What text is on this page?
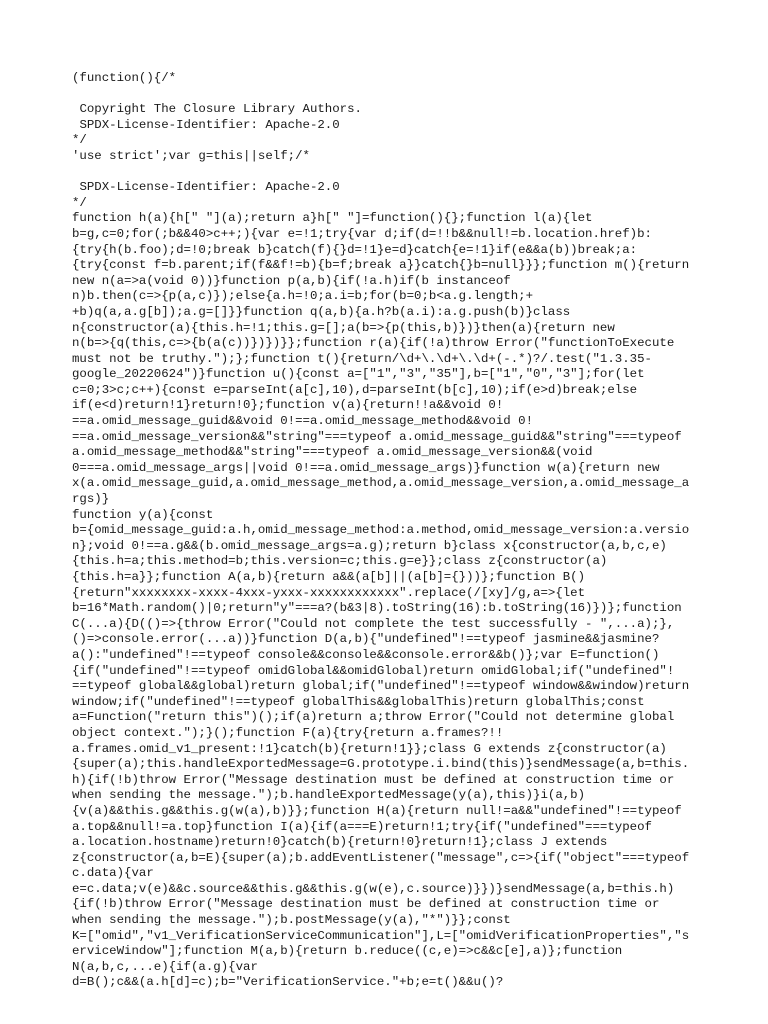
(function(){/*

Copyright The Closure Library Authors.
SPDX-License-Identifier: Apache-2.0
*/
'use strict';var g=this||self;/*

SPDX-License-Identifier: Apache-2.0
*/
function h(a){h[" "](a);return a}h[" "]=function(){};function l(a){let
b=g,c=0;for(;b&&40>c++;){var e=!1;try{var d;if(d=!!b&&null!=b.location.href)b:
{try{h(b.foo);d=!0;break b}catch(f){}d=!1}e=d}catch{e=!1}if(e&&a(b))break;a:
{try{const f=b.parent;if(f&&f!=b){b=f;break a}}catch{}b=null}}};function m(){return
new n(a=>a(void 0))}function p(a,b){if(!a.h)if(b instanceof
n)b.then(c=>{p(a,c)});else{a.h=!0;a.i=b;for(b=0;b<a.g.length;+
+b)q(a,a.g[b]);a.g=[]}}function q(a,b){a.h?b(a.i):a.g.push(b)}class
n{constructor(a){this.h=!1;this.g=[];a(b=>{p(this,b)})}then(a){return new
n(b=>{q(this,c=>{b(a(c))})})}};function r(a){if(!a)throw Error("functionToExecute
must not be truthy.");};function t(){return/\d+\.\d+\.\d+(-.*)?/.test("1.3.35-
google_20220624")}function u(){const a=["1","3","35"],b=["1","0","3"];for(let
c=0;3>c;c++){const e=parseInt(a[c],10),d=parseInt(b[c],10);if(e>d)break;else
if(e<d)return!1}return!0};function v(a){return!!a&&void 0!
==a.omid_message_guid&&void 0!==a.omid_message_method&&void 0!
==a.omid_message_version&&"string"===typeof a.omid_message_guid&&"string"===typeof
a.omid_message_method&&"string"===typeof a.omid_message_version&&(void
0===a.omid_message_args||void 0!==a.omid_message_args)}function w(a){return new
x(a.omid_message_guid,a.omid_message_method,a.omid_message_version,a.omid_message_a
rgs)}
function y(a){const
b={omid_message_guid:a.h,omid_message_method:a.method,omid_message_version:a.versio
n};void 0!==a.g&&(b.omid_message_args=a.g);return b}class x{constructor(a,b,c,e)
{this.h=a;this.method=b;this.version=c;this.g=e}};class z{constructor(a)
{this.h=a}};function A(a,b){return a&&(a[b]||(a[b]={}))};function B()
{return"xxxxxxxx-xxxx-4xxx-yxxx-xxxxxxxxxxxx".replace(/[xy]/g,a=>{let
b=16*Math.random()|0;return"y"===a?(b&3|8).toString(16):b.toString(16)})};function
C(...a){D(()=>{throw Error("Could not complete the test successfully - ",...a);},
()=>console.error(...a))}function D(a,b){"undefined"!==typeof jasmine&&jasmine?
a():"undefined"!==typeof console&&console&&console.error&&b()};var E=function()
{if("undefined"!==typeof omidGlobal&&omidGlobal)return omidGlobal;if("undefined"!
==typeof global&&global)return global;if("undefined"!==typeof window&&window)return
window;if("undefined"!==typeof globalThis&&globalThis)return globalThis;const
a=Function("return this")();if(a)return a;throw Error("Could not determine global
object context.");}();function F(a){try{return a.frames?!!
a.frames.omid_v1_present:!1}catch(b){return!1}};class G extends z{constructor(a)
{super(a);this.handleExportedMessage=G.prototype.i.bind(this)}sendMessage(a,b=this.
h){if(!b)throw Error("Message destination must be defined at construction time or
when sending the message.");b.handleExportedMessage(y(a),this)}i(a,b)
{v(a)&&this.g&&this.g(w(a),b)}};function H(a){return null!=a&&"undefined"!==typeof
a.top&&null!=a.top}function I(a){if(a===E)return!1;try{if("undefined"===typeof
a.location.hostname)return!0}catch(b){return!0}return!1};class J extends
z{constructor(a,b=E){super(a);b.addEventListener("message",c=>{if("object"===typeof
c.data){var
e=c.data;v(e)&&c.source&&this.g&&this.g(w(e),c.source)}})}sendMessage(a,b=this.h)
{if(!b)throw Error("Message destination must be defined at construction time or
when sending the message.");b.postMessage(y(a),"*")}};const
K=["omid","v1_VerificationServiceCommunication"],L=["omidVerificationProperties","s
erviceWindow"];function M(a,b){return b.reduce((c,e)=>c&&c[e],a)};function
N(a,b,c,...e){if(a.g){var
d=B();c&&(a.h[d]=c);b="VerificationService."+b;e=t()&&u()?
